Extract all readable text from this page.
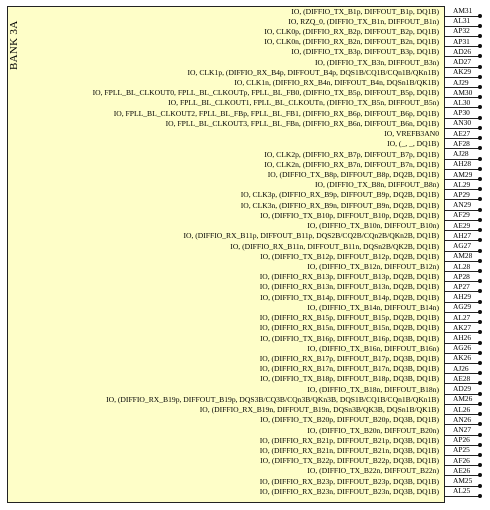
BANK 3A
IO, (DIFFIO_TX_B1p, DIFFOUT_B1p, DQ1B) AM31
IO, RZQ_0, (DIFFIO_TX_B1n, DIFFOUT_B1n) AL31
IO, CLK0p, (DIFFIO_RX_B2p, DIFFOUT_B2p, DQ1B) AP32
IO, CLK0n, (DIFFIO_RX_B2n, DIFFOUT_B2n, DQ1B) AP31
IO, (DIFFIO_TX_B3p, DIFFOUT_B3p, DQ1B) AD26
IO, (DIFFIO_TX_B3n, DIFFOUT_B3n) AD27
IO, CLK1p, (DIFFIO_RX_B4p, DIFFOUT_B4p, DQS1B/CQ1B/CQn1B/QKn1B) AK29
IO, CLK1n, (DIFFIO_RX_B4n, DIFFOUT_B4n, DQSn1B/QK1B) AJ29
IO, FPLL_BL_CLKOUT0, FPLL_BL_CLKOUTp, FPLL_BL_FB0, (DIFFIO_TX_B5p, DIFFOUT_B5p, DQ1B) AM30
IO, FPLL_BL_CLKOUT1, FPLL_BL_CLKOUTn, (DIFFIO_TX_B5n, DIFFOUT_B5n) AL30
IO, FPLL_BL_CLKOUT2, FPLL_BL_FBp, FPLL_BL_FB1, (DIFFIO_RX_B6p, DIFFOUT_B6p, DQ1B) AP30
IO, FPLL_BL_CLKOUT3, FPLL_BL_FBn, (DIFFIO_RX_B6n, DIFFOUT_B6n, DQ1B) AN30
IO, VREFB3AN0 AE27
IO, (_, _, DQ1B) AF28
IO, CLK2p, (DIFFIO_RX_B7p, DIFFOUT_B7p, DQ1B) AJ28
IO, CLK2n, (DIFFIO_RX_B7n, DIFFOUT_B7n, DQ1B) AH28
IO, (DIFFIO_TX_B8p, DIFFOUT_B8p, DQ2B, DQ1B) AM29
IO, (DIFFIO_TX_B8n, DIFFOUT_B8n) AL29
IO, CLK3p, (DIFFIO_RX_B9p, DIFFOUT_B9p, DQ2B, DQ1B) AP29
IO, CLK3n, (DIFFIO_RX_B9n, DIFFOUT_B9n, DQ2B, DQ1B) AN29
IO, (DIFFIO_TX_B10p, DIFFOUT_B10p, DQ2B, DQ1B) AF29
IO, (DIFFIO_TX_B10n, DIFFOUT_B10n) AE29
IO, (DIFFIO_RX_B11p, DIFFOUT_B11p, DQS2B/CQ2B/CQn2B/QKn2B, DQ1B) AH27
IO, (DIFFIO_RX_B11n, DIFFOUT_B11n, DQSn2B/QK2B, DQ1B) AG27
IO, (DIFFIO_TX_B12p, DIFFOUT_B12p, DQ2B, DQ1B) AM28
IO, (DIFFIO_TX_B12n, DIFFOUT_B12n) AL28
IO, (DIFFIO_RX_B13p, DIFFOUT_B13p, DQ2B, DQ1B) AP28
IO, (DIFFIO_RX_B13n, DIFFOUT_B13n, DQ2B, DQ1B) AP27
IO, (DIFFIO_TX_B14p, DIFFOUT_B14p, DQ2B, DQ1B) AH29
IO, (DIFFIO_TX_B14n, DIFFOUT_B14n) AG29
IO, (DIFFIO_RX_B15p, DIFFOUT_B15p, DQ2B, DQ1B) AL27
IO, (DIFFIO_RX_B15n, DIFFOUT_B15n, DQ2B, DQ1B) AK27
IO, (DIFFIO_TX_B16p, DIFFOUT_B16p, DQ3B, DQ1B) AH26
IO, (DIFFIO_TX_B16n, DIFFOUT_B16n) AG26
IO, (DIFFIO_RX_B17p, DIFFOUT_B17p, DQ3B, DQ1B) AK26
IO, (DIFFIO_RX_B17n, DIFFOUT_B17n, DQ3B, DQ1B) AJ26
IO, (DIFFIO_TX_B18p, DIFFOUT_B18p, DQ3B, DQ1B) AE28
IO, (DIFFIO_TX_B18n, DIFFOUT_B18n) AD29
IO, (DIFFIO_RX_B19p, DIFFOUT_B19p, DQS3B/CQ3B/CQn3B/QKn3B, DQS1B/CQ1B/CQn1B/QKn1B) AM26
IO, (DIFFIO_RX_B19n, DIFFOUT_B19n, DQSn3B/QK3B, DQSn1B/QK1B) AL26
IO, (DIFFIO_TX_B20p, DIFFOUT_B20p, DQ3B, DQ1B) AN26
IO, (DIFFIO_TX_B20n, DIFFOUT_B20n) AN27
IO, (DIFFIO_RX_B21p, DIFFOUT_B21p, DQ3B, DQ1B) AP26
IO, (DIFFIO_RX_B21n, DIFFOUT_B21n, DQ3B, DQ1B) AP25
IO, (DIFFIO_TX_B22p, DIFFOUT_B22p, DQ3B, DQ1B) AF26
IO, (DIFFIO_TX_B22n, DIFFOUT_B22n) AE26
IO, (DIFFIO_RX_B23p, DIFFOUT_B23p, DQ3B, DQ1B) AM25
IO, (DIFFIO_RX_B23n, DIFFOUT_B23n, DQ3B, DQ1B) AL25
